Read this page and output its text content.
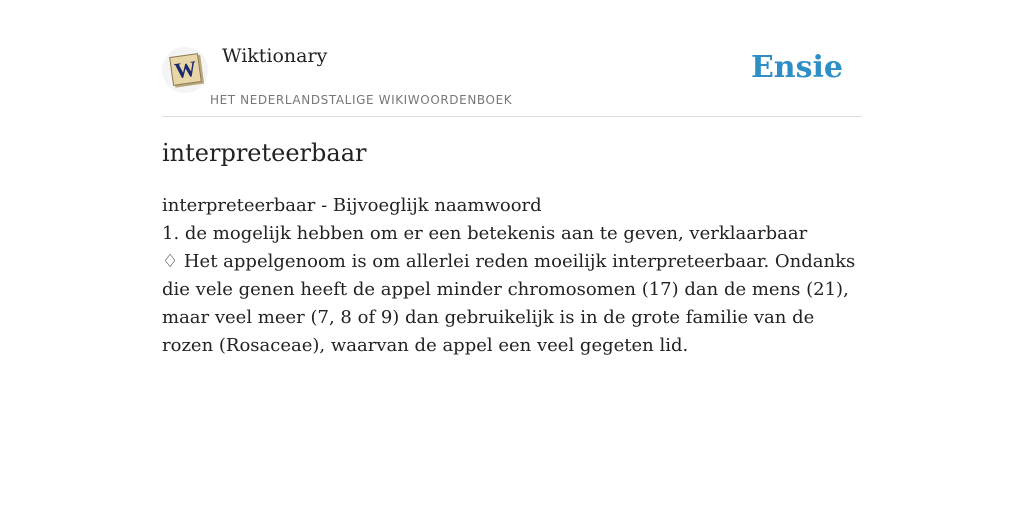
W Wiktionary
HET NEDERLANDSTALIGE WIKIWOORDENBOEK
Ensie
interpreteerbaar
interpreteerbaar - Bijvoeglijk naamwoord
1. de mogelijk hebben om er een betekenis aan te geven, verklaarbaar
♢ Het appelgenoom is om allerlei reden moeilijk interpreteerbaar. Ondanks die vele genen heeft de appel minder chromosomen (17) dan de mens (21), maar veel meer (7, 8 of 9) dan gebruikelijk is in de grote familie van de rozen (Rosaceae), waarvan de appel een veel gegeten lid.
